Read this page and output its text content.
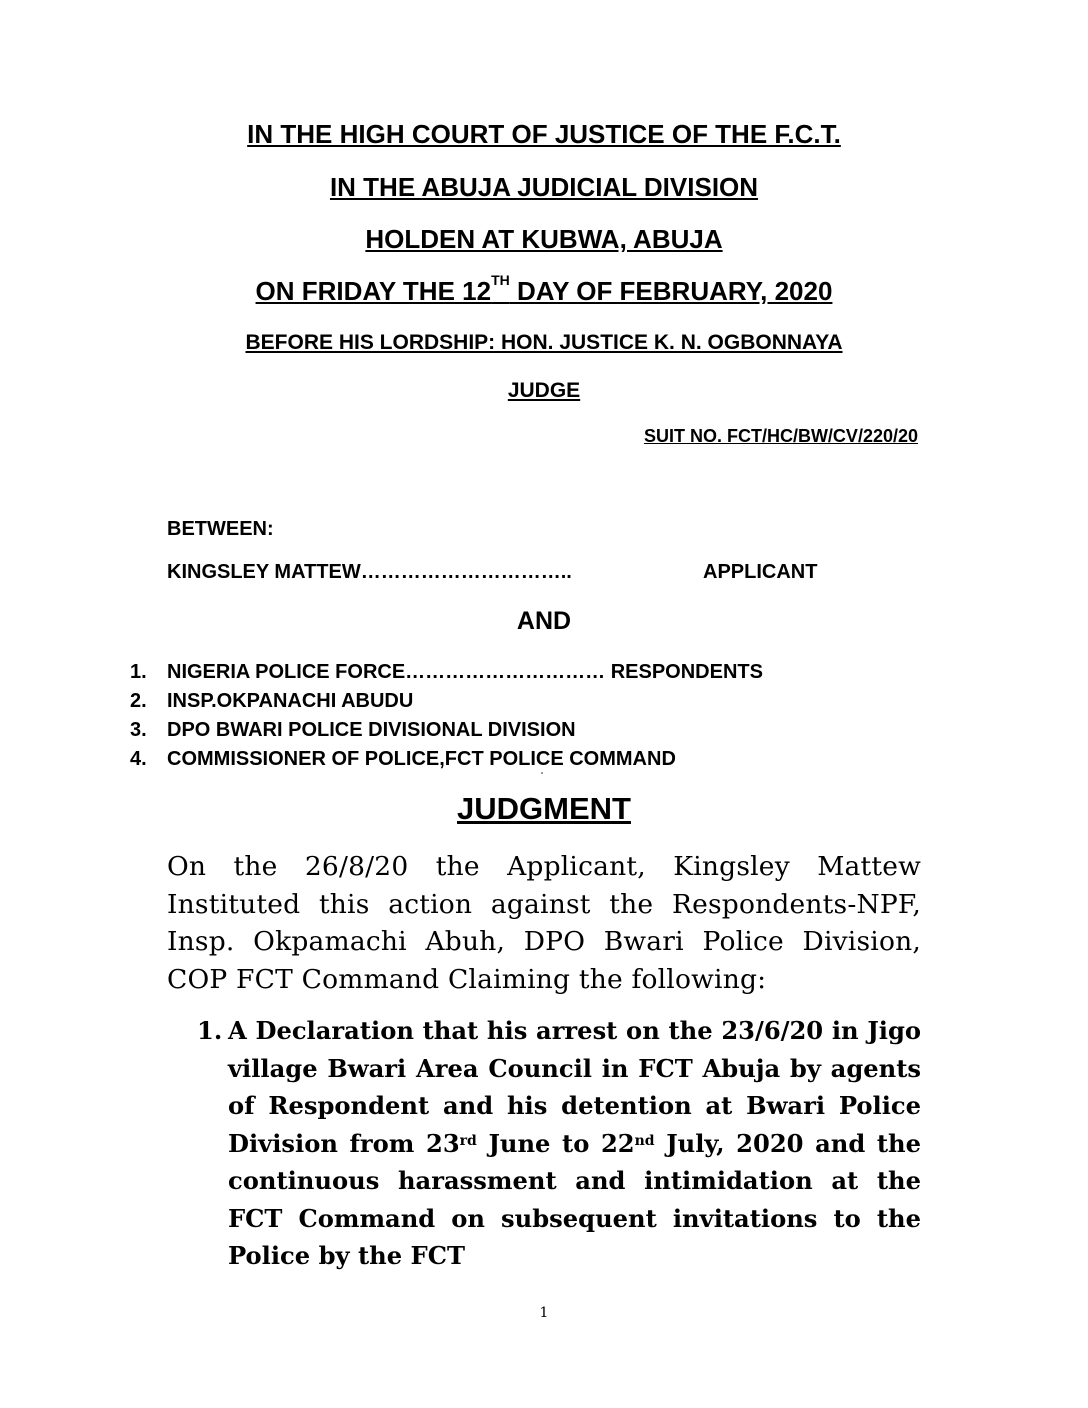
IN THE HIGH COURT OF JUSTICE OF THE F.C.T.
IN THE ABUJA JUDICIAL DIVISION
HOLDEN AT KUBWA, ABUJA
ON FRIDAY THE 12TH DAY OF FEBRUARY, 2020
BEFORE HIS LORDSHIP: HON. JUSTICE K. N. OGBONNAYA
JUDGE
SUIT NO. FCT/HC/BW/CV/220/20
BETWEEN:
KINGSLEY MATTEW…………………………..	APPLICANT
AND
1.	NIGERIA POLICE FORCE………………………… RESPONDENTS
2.	INSP.OKPANACHI ABUDU
3.	DPO BWARI POLICE DIVISIONAL DIVISION
4.	COMMISSIONER OF POLICE,FCT POLICE COMMAND
JUDGMENT
On the 26/8/20 the Applicant, Kingsley Mattew Instituted this action against the Respondents-NPF, Insp. Okpamachi Abuh, DPO Bwari Police Division, COP FCT Command Claiming the following:
1. A Declaration that his arrest on the 23/6/20 in Jigo village Bwari Area Council in FCT Abuja by agents of Respondent and his detention at Bwari Police Division from 23rd June to 22nd July, 2020 and the continuous harassment and intimidation at the FCT Command on subsequent invitations to the Police by the FCT
1
